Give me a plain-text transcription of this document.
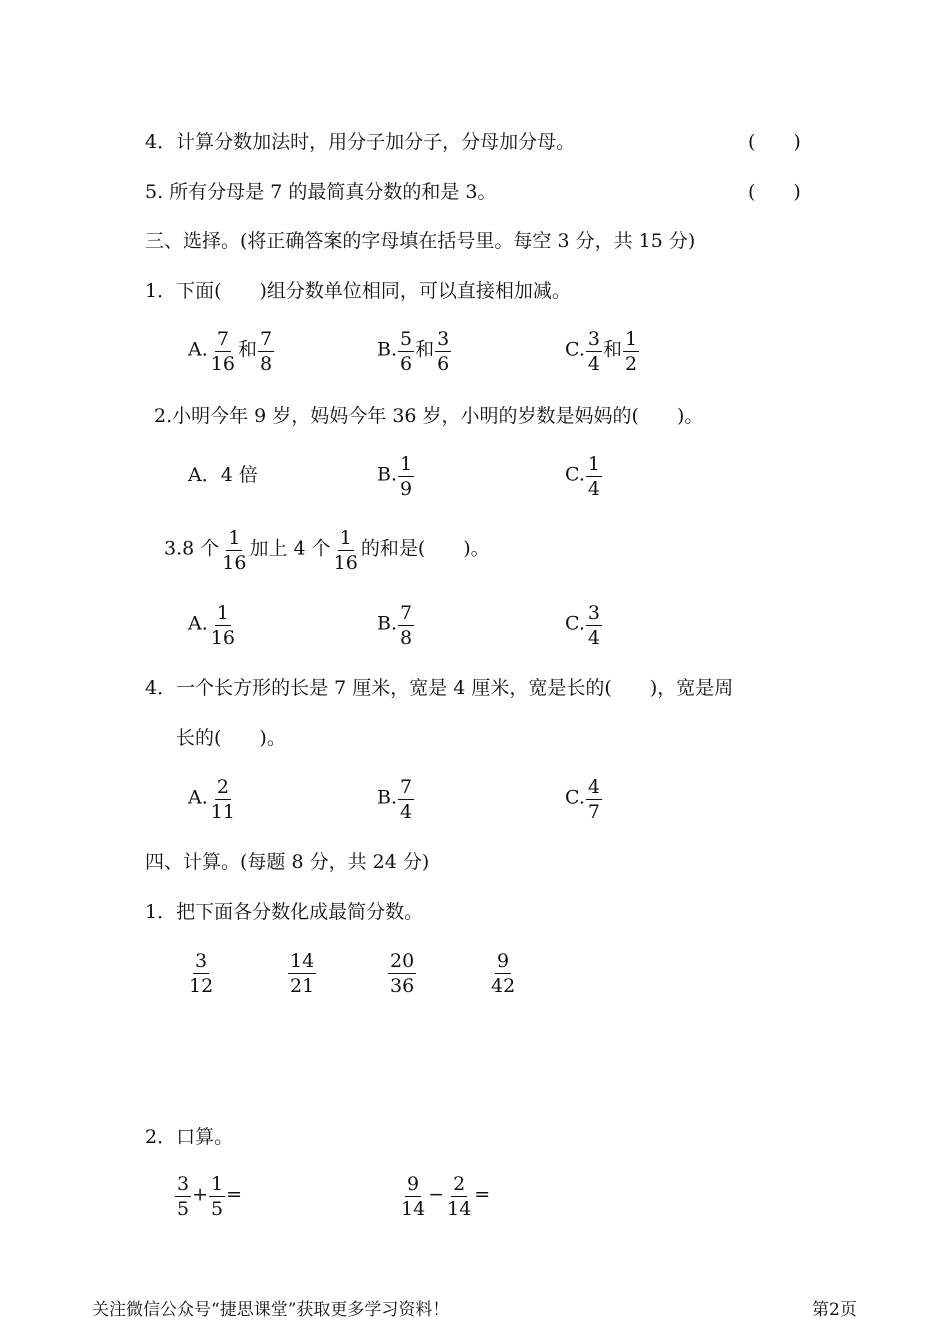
4．计算分数加法时，用分子加分子，分母加分母。	(　　)
5. 所有分母是 7 的最简真分数的和是 3。	(　　)
三、选择。(将正确答案的字母填在括号里。每空 3 分，共 15 分)
1．下面(　　)组分数单位相同，可以直接相加减。
A. $\frac{7}{16}$ 和 $\frac{7}{8}$	B. $\frac{5}{6}$ 和 $\frac{3}{6}$	C. $\frac{3}{4}$ 和 $\frac{1}{2}$
2.小明今年 9 岁，妈妈今年 36 岁，小明的岁数是妈妈的(　　)。
A．4 倍	B. $\frac{1}{9}$	C. $\frac{1}{4}$
3.8 个 $\frac{1}{16}$ 加上 4 个 $\frac{1}{16}$ 的和是(　　)。
A. $\frac{1}{16}$	B. $\frac{7}{8}$	C. $\frac{3}{4}$
4．一个长方形的长是 7 厘米，宽是 4 厘米，宽是长的(　　)，宽是周
长的(　　)。
A. $\frac{2}{11}$	B. $\frac{7}{4}$	C. $\frac{4}{7}$
四、计算。(每题 8 分，共 24 分)
1．把下面各分数化成最简分数。
$\frac{3}{12}$	$\frac{14}{21}$	$\frac{20}{36}$	$\frac{9}{42}$
2．口算。
$\frac{3}{5} + \frac{1}{5}$ =	$\frac{9}{14} - \frac{2}{14}$ =
关注微信公众号“捷思课堂”获取更多学习资料！	第2页
